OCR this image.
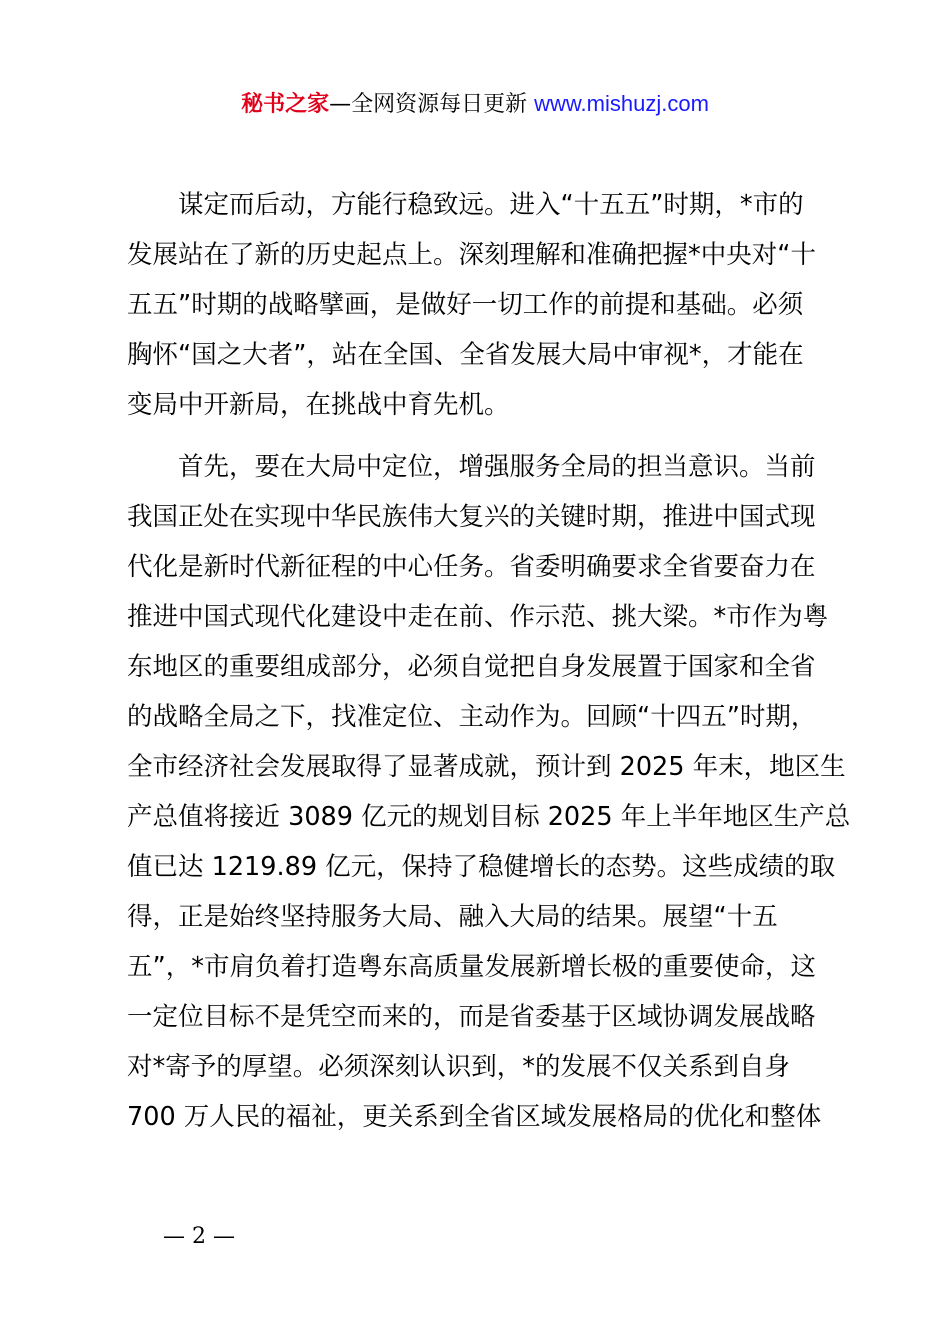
秘书之家—全网资源每日更新 www.mishuzj.com
谋定而后动，方能行稳致远。进入“十五五”时期，*市的
发展站在了新的历史起点上。深刻理解和准确把握*中央对“十
五五”时期的战略擘画，是做好一切工作的前提和基础。必须
胸怀“国之大者”，站在全国、全省发展大局中审视*，才能在
变局中开新局，在挑战中育先机。
首先，要在大局中定位，增强服务全局的担当意识。当前
我国正处在实现中华民族伟大复兴的关键时期，推进中国式现
代化是新时代新征程的中心任务。省委明确要求全省要奋力在
推进中国式现代化建设中走在前、作示范、挑大梁。*市作为粤
东地区的重要组成部分，必须自觉把自身发展置于国家和全省
的战略全局之下，找准定位、主动作为。回顾“十四五”时期，
全市经济社会发展取得了显著成就，预计到 2025 年末，地区生
产总值将接近 3089 亿元的规划目标 2025 年上半年地区生产总
值已达 1219.89 亿元，保持了稳健增长的态势。这些成绩的取
得，正是始终坚持服务大局、融入大局的结果。展望“十五
五”，*市肩负着打造粤东高质量发展新增长极的重要使命，这
一定位目标不是凭空而来的，而是省委基于区域协调发展战略
对*寄予的厚望。必须深刻认识到，*的发展不仅关系到自身
700 万人民的福祉，更关系到全省区域发展格局的优化和整体
— 2 —
